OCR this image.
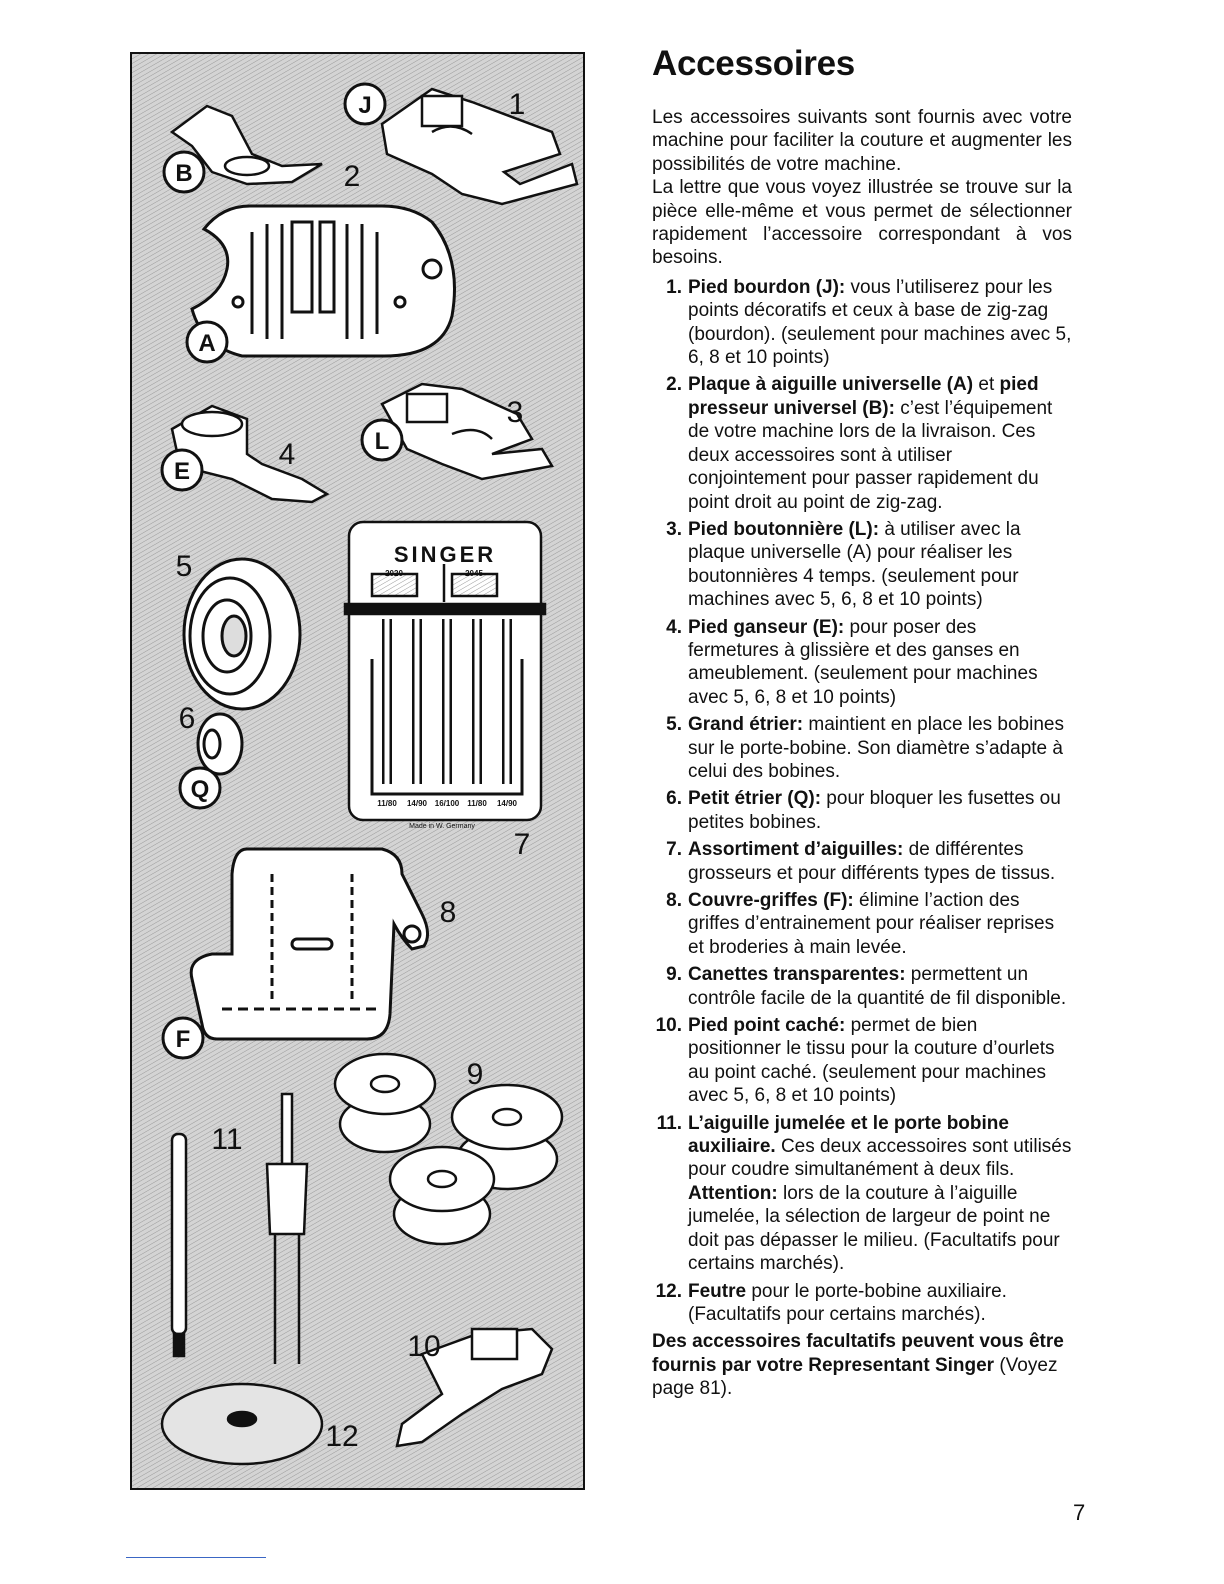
J
B
A
L
E
Q
F
1
2
3
4
5
6
7
8
9
10
11
12
SINGER
2020	2045
11/80 14/90 16/100 11/80 14/90
Made in W. Germany
Accessoires

Les accessoires suivants sont fournis avec votre machine pour faciliter la couture et augmenter les possibilités de votre machine.

La lettre que vous voyez illustrée se trouve sur la pièce elle-même et vous permet de sélectionner rapidement l’accessoire correspondant à vos besoins.

1. Pied bourdon (J): vous l’utiliserez pour les points décoratifs et ceux à base de zig-zag (bourdon). (seulement pour machines avec 5, 6, 8 et 10 points)
2. Plaque à aiguille universelle (A) et pied presseur universel (B): c’est l’équipement de votre machine lors de la livraison. Ces deux accessoires sont à utiliser conjointement pour passer rapidement du point droit au point de zig-zag.
3. Pied boutonnière (L): à utiliser avec la plaque universelle (A) pour réaliser les boutonnières 4 temps. (seulement pour machines avec 5, 6, 8 et 10 points)
4. Pied ganseur (E): pour poser des fermetures à glissière et des ganses en ameublement. (seulement pour machines avec 5, 6, 8 et 10 points)
5. Grand étrier: maintient en place les bobines sur le porte-bobine. Son diamètre s’adapte à celui des bobines.
6. Petit étrier (Q): pour bloquer les fusettes ou petites bobines.
7. Assortiment d’aiguilles: de différentes grosseurs et pour différents types de tissus.
8. Couvre-griffes (F): élimine l’action des griffes d’entrainement pour réaliser reprises et broderies à main levée.
9. Canettes transparentes: permettent un contrôle facile de la quantité de fil disponible.
10. Pied point caché: permet de bien positionner le tissu pour la couture d’ourlets au point caché. (seulement pour machines avec 5, 6, 8 et 10 points)
11. L’aiguille jumelée et le porte bobine auxiliaire. Ces deux accessoires sont utilisés pour coudre simultanément à deux fils.
Attention: lors de la couture à l’aiguille jumelée, la sélection de largeur de point ne doit pas dépasser le milieu. (Facultatifs pour certains marchés).
12. Feutre pour le porte-bobine auxiliaire. (Facultatifs pour certains marchés).

Des accessoires facultatifs peuvent vous être fournis par votre Representant Singer (Voyez page 81).

7
